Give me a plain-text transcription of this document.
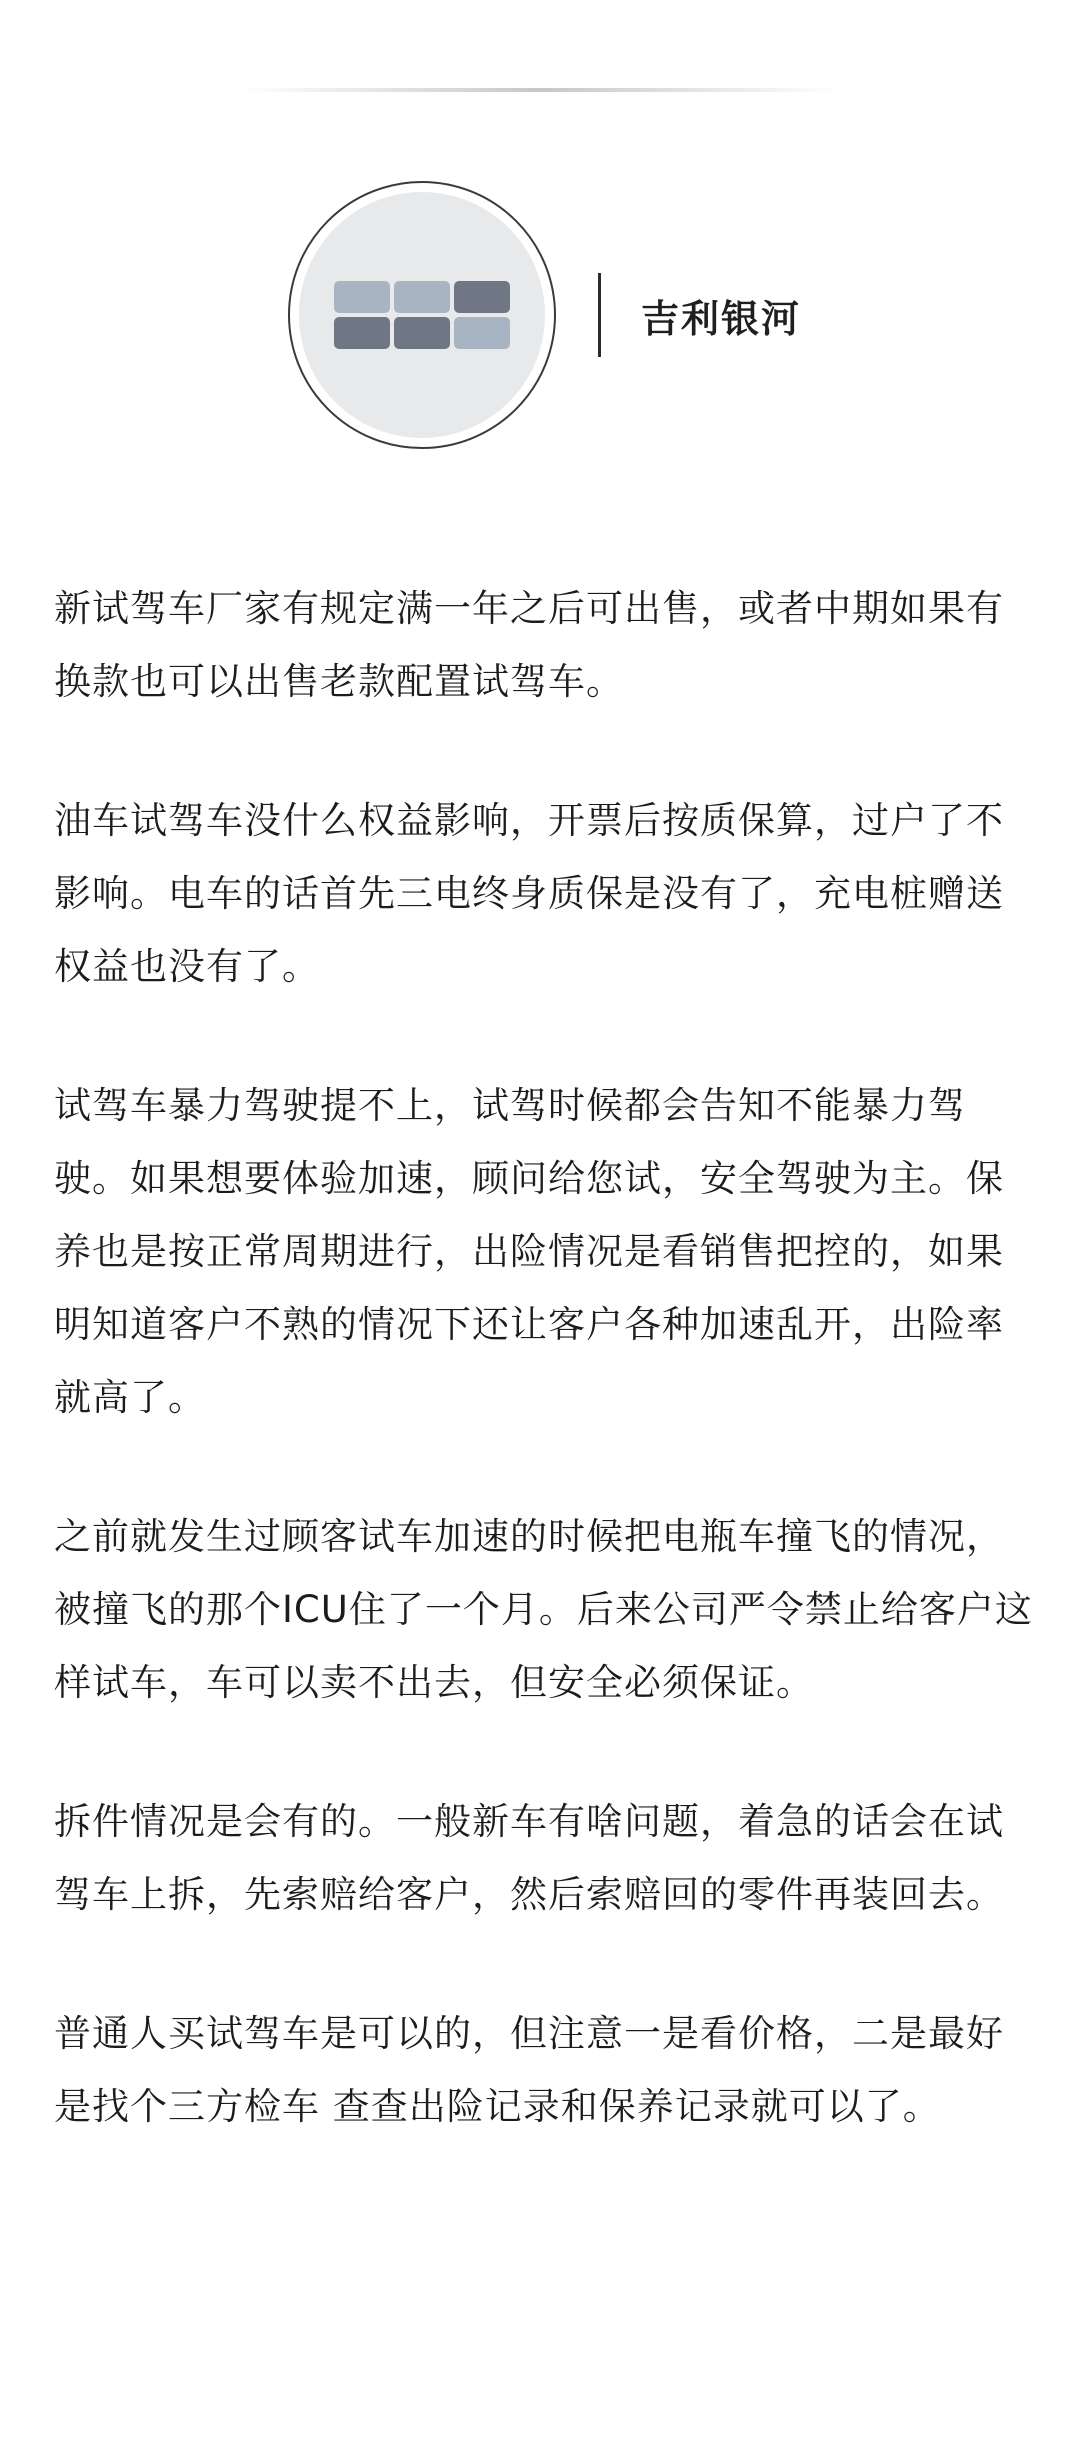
吉利银河

新试驾车厂家有规定满一年之后可出售，或者中期如果有换款也可以出售老款配置试驾车。

油车试驾车没什么权益影响，开票后按质保算，过户了不影响。电车的话首先三电终身质保是没有了，充电桩赠送权益也没有了。

试驾车暴力驾驶提不上，试驾时候都会告知不能暴力驾驶。如果想要体验加速，顾问给您试，安全驾驶为主。保养也是按正常周期进行，出险情况是看销售把控的，如果明知道客户不熟的情况下还让客户各种加速乱开，出险率就高了。

之前就发生过顾客试车加速的时候把电瓶车撞飞的情况，被撞飞的那个ICU住了一个月。后来公司严令禁止给客户这样试车，车可以卖不出去，但安全必须保证。

拆件情况是会有的。一般新车有啥问题，着急的话会在试驾车上拆，先索赔给客户，然后索赔回的零件再装回去。

普通人买试驾车是可以的，但注意一是看价格，二是最好是找个三方检车 查查出险记录和保养记录就可以了。
